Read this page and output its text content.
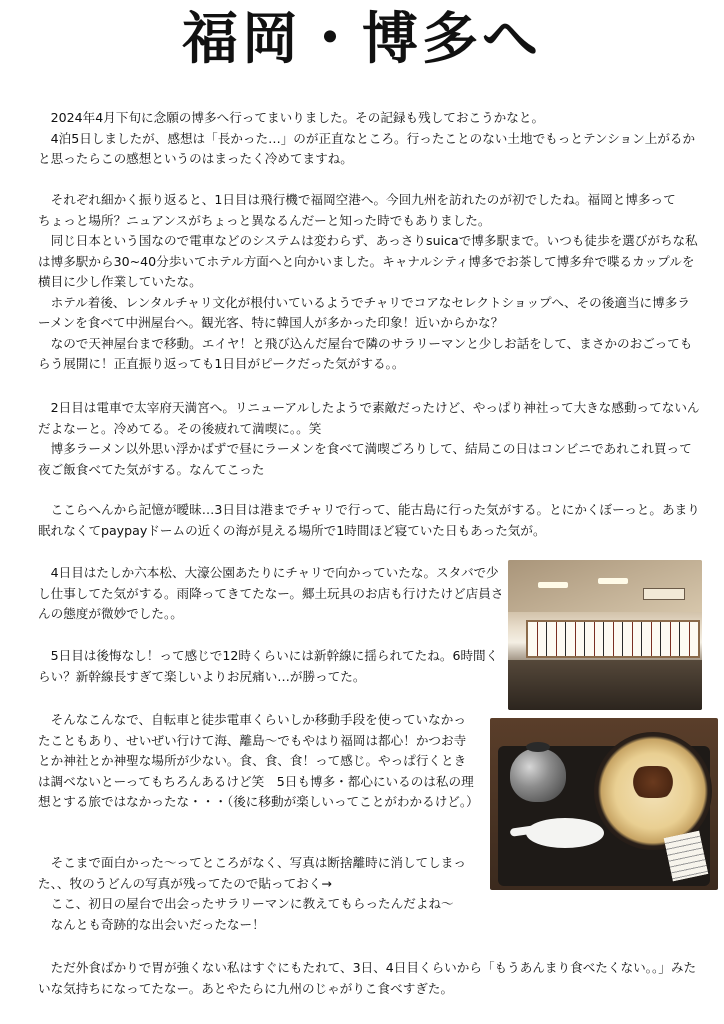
福岡・博多へ

　2024年4月下旬に念願の博多へ行ってまいりました。その記録も残しておこうかなと。
　4泊5日しましたが、感想は「長かった…」のが正直なところ。行ったことのない土地でもっとテンション上がるかと思ったらこの感想というのはまったく冷めてますね。

　それぞれ細かく振り返ると、1日目は飛行機で福岡空港へ。今回九州を訪れたのが初でしたね。福岡と博多って　ちょっと場所？ニュアンスがちょっと異なるんだーと知った時でもありました。
　同じ日本という国なので電車などのシステムは変わらず、あっさりsuicaで博多駅まで。いつも徒歩を選びがちな私は博多駅から30~40分歩いてホテル方面へと向かいました。キャナルシティ博多でお茶して博多弁で喋るカップルを横目に少し作業していたな。
　ホテル着後、レンタルチャリ文化が根付いているようでチャリでコアなセレクトショップへ、その後適当に博多ラーメンを食べて中洲屋台へ。観光客、特に韓国人が多かった印象！近いからかな？
　なので天神屋台まで移動。エイヤ！と飛び込んだ屋台で隣のサラリーマンと少しお話をして、まさかのおごってもらう展開に！正直振り返っても1日目がピークだった気がする。。

　2日目は電車で太宰府天満宮へ。リニューアルしたようで素敵だったけど、やっぱり神社って大きな感動ってないんだよなーと。冷めてる。その後疲れて満喫に。。笑
　博多ラーメン以外思い浮かばずで昼にラーメンを食べて満喫ごろりして、結局この日はコンビニであれこれ買って夜ご飯食べてた気がする。なんてこった

　ここらへんから記憶が曖昧…3日目は港までチャリで行って、能古島に行った気がする。とにかくぼーっと。あまり眠れなくてpaypayドームの近くの海が見える場所で1時間ほど寝ていた日もあった気が。

　4日目はたしか六本松、大濠公園あたりにチャリで向かっていたな。スタバで少し仕事してた気がする。雨降ってきてたなー。郷土玩具のお店も行けたけど店員さんの態度が微妙でした。。

　5日目は後悔なし！って感じで12時くらいには新幹線に揺られてたね。6時間くらい？新幹線長すぎて楽しいよりお尻痛い…が勝ってた。

　そんなこんなで、自転車と徒歩電車くらいしか移動手段を使っていなかったこともあり、せいぜい行けて海、離島〜でもやはり福岡は都心！かつお寺とか神社とか神聖な場所が少ない。食、食、食！って感じ。やっぱ行くときは調べないとーってもちろんあるけど笑　5日も博多・都心にいるのは私の理想とする旅ではなかったな・・・（後に移動が楽しいってことがわかるけど。）

　そこまで面白かった〜ってところがなく、写真は断捨離時に消してしまった、、牧のうどんの写真が残ってたので貼っておく→
　ここ、初日の屋台で出会ったサラリーマンに教えてもらったんだよね〜
　なんとも奇跡的な出会いだったなー！

　ただ外食ばかりで胃が強くない私はすぐにもたれて、3日、4日目くらいから「もうあんまり食べたくない。。」みたいな気持ちになってたなー。あとやたらに九州のじゃがりこ食べすぎた。
